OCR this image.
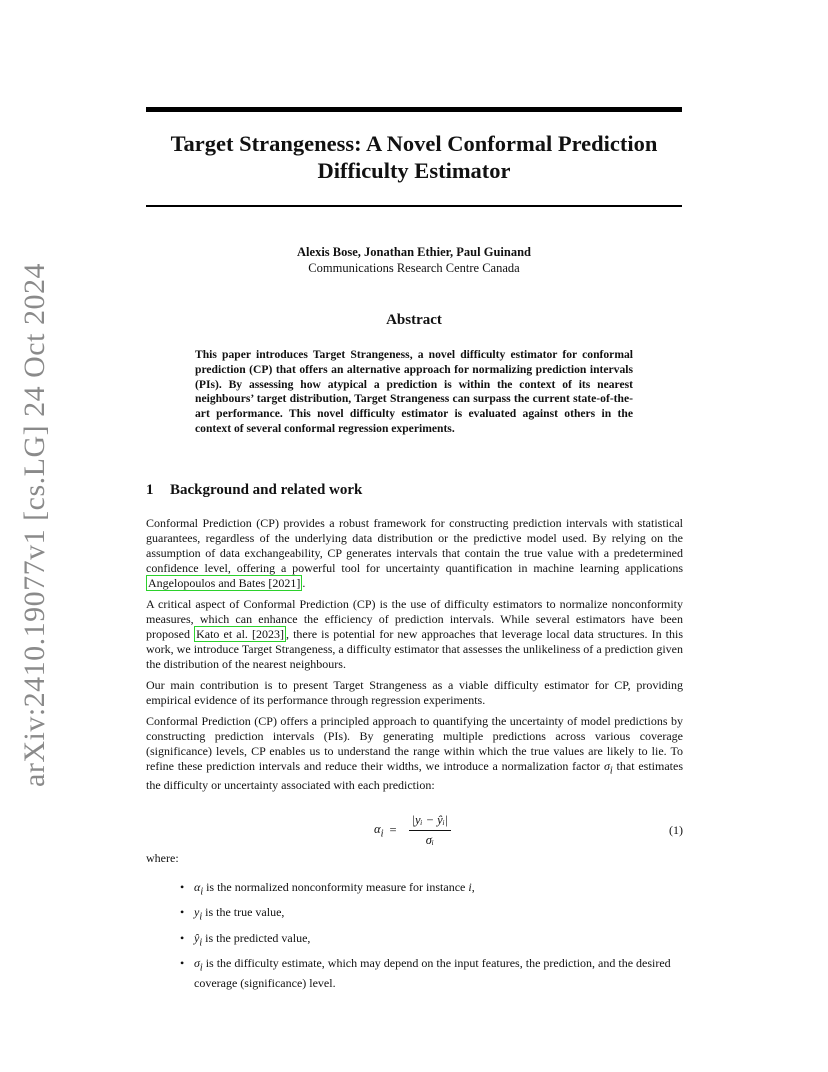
arXiv:2410.19077v1 [cs.LG] 24 Oct 2024
Target Strangeness: A Novel Conformal Prediction Difficulty Estimator
Alexis Bose, Jonathan Ethier, Paul Guinand
Communications Research Centre Canada
Abstract
This paper introduces Target Strangeness, a novel difficulty estimator for conformal prediction (CP) that offers an alternative approach for normalizing prediction intervals (PIs). By assessing how atypical a prediction is within the context of its nearest neighbours’ target distribution, Target Strangeness can surpass the current state-of-the-art performance. This novel difficulty estimator is evaluated against others in the context of several conformal regression experiments.
1 Background and related work

Conformal Prediction (CP) provides a robust framework for constructing prediction intervals with statistical guarantees, regardless of the underlying data distribution or the predictive model used. By relying on the assumption of data exchangeability, CP generates intervals that contain the true value with a predetermined confidence level, offering a powerful tool for uncertainty quantification in machine learning applications Angelopoulos and Bates [2021] .

A critical aspect of Conformal Prediction (CP) is the use of difficulty estimators to normalize nonconformity measures, which can enhance the efficiency of prediction intervals. While several estimators have been proposed Kato et al. [2023] , there is potential for new approaches that leverage local data structures. In this work, we introduce Target Strangeness, a difficulty estimator that assesses the unlikeliness of a prediction given the distribution of the nearest neighbours.

Our main contribution is to present Target Strangeness as a viable difficulty estimator for CP, providing empirical evidence of its performance through regression experiments.

Conformal Prediction (CP) offers a principled approach to quantifying the uncertainty of model predictions by constructing prediction intervals (PIs). By generating multiple predictions across various coverage (significance) levels, CP enables us to understand the range within which the true values are likely to lie. To refine these prediction intervals and reduce their widths, we introduce a normalization factor $\sigma_i$ that estimates the difficulty or uncertainty associated with each prediction:

$\alpha_i = \frac{\text{|yᵢ − ŷᵢ|}}{\text{σᵢ}}$	(1)
where:
• $\alpha_i$ is the normalized nonconformity measure for instance i,
• $y_i$ is the true value,
• $ŷ_i$ is the predicted value,
• $\sigma_i$ is the difficulty estimate, which may depend on the input features, the prediction, and the desired coverage (significance) level.
